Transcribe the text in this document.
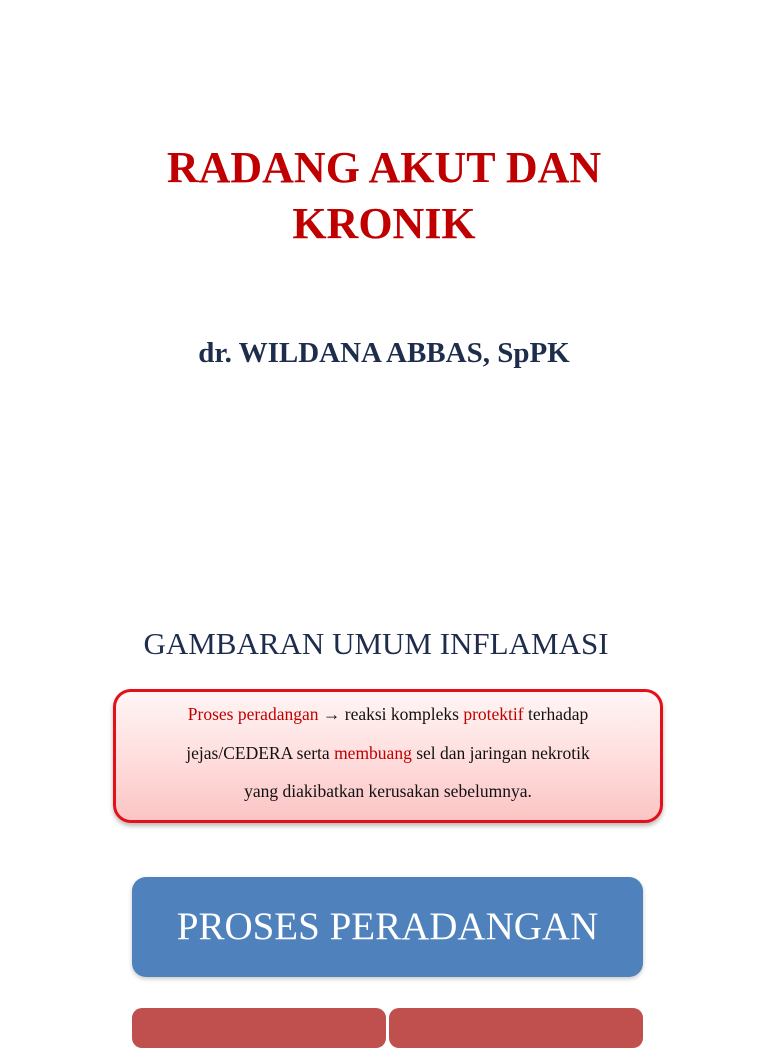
RADANG AKUT DAN
KRONIK
dr. WILDANA ABBAS, SpPK
GAMBARAN UMUM INFLAMASI
Proses peradangan → reaksi kompleks protektif terhadap
jejas/CEDERA serta membuang sel dan jaringan nekrotik
yang diakibatkan kerusakan sebelumnya.
PROSES PERADANGAN
